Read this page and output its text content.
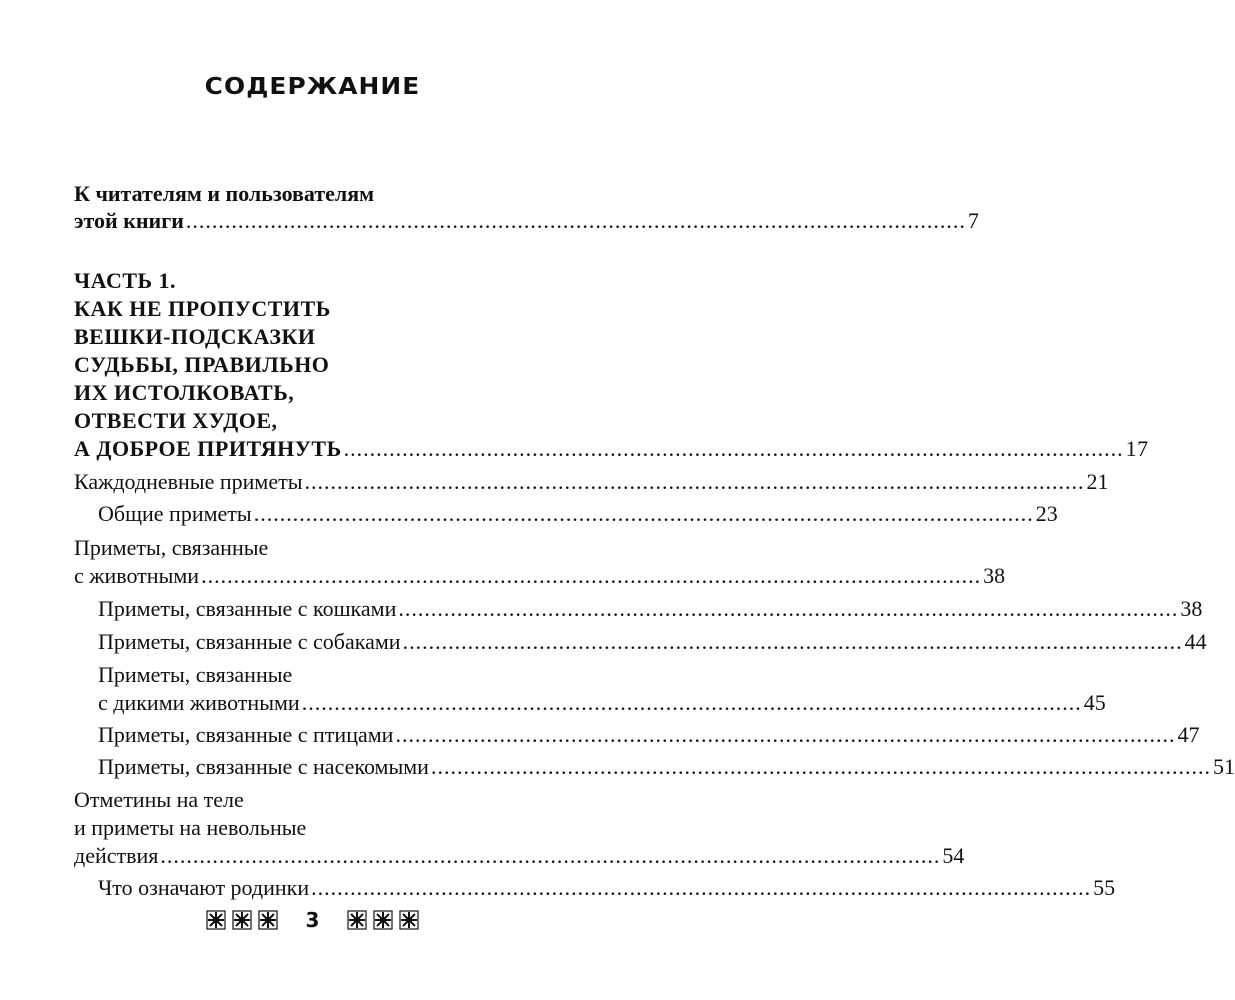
СОДЕРЖАНИЕ
К читателям и пользователям
этой книги ........................................................................................................................ 7
ЧАСТЬ 1.
КАК НЕ ПРОПУСТИТЬ
ВЕШКИ-ПОДСКАЗКИ
СУДЬБЫ, ПРАВИЛЬНО
ИХ ИСТОЛКОВАТЬ,
ОТВЕСТИ ХУДОЕ,
А ДОБРОЕ ПРИТЯНУТЬ ........................................................................................................................ 17
Каждодневные приметы ........................................................................................................................ 21
Общие приметы ........................................................................................................................ 23
Приметы, связанные
с животными ........................................................................................................................ 38
Приметы, связанные с кошками ........................................................................................................................ 38
Приметы, связанные с собаками ........................................................................................................................ 44
Приметы, связанные
с дикими животными ........................................................................................................................ 45
Приметы, связанные с птицами ........................................................................................................................ 47
Приметы, связанные с насекомыми ........................................................................................................................ 51
Отметины на теле
и приметы на невольные
действия ........................................................................................................................ 54
Что означают родинки ........................................................................................................................ 55
3
